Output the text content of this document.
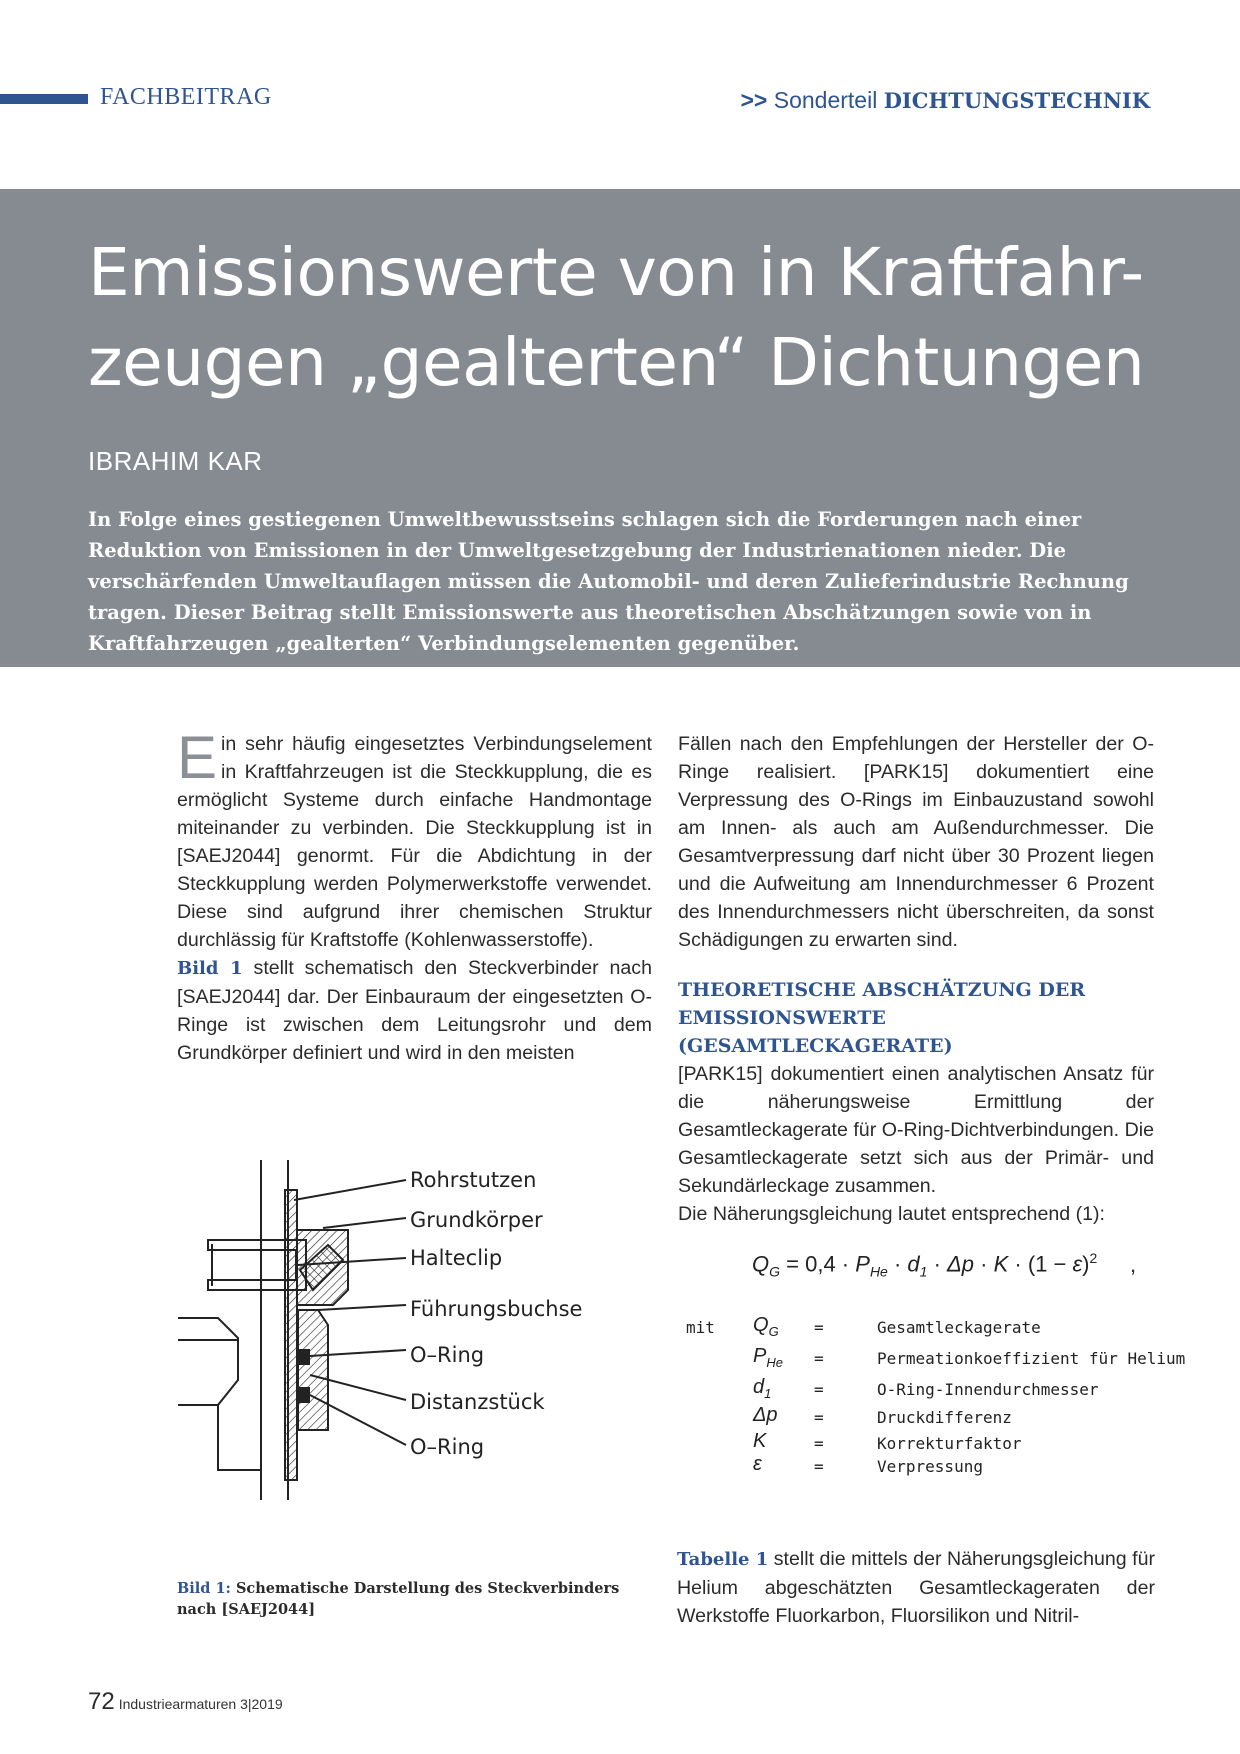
FACHBEITRAG	>> Sonderteil DICHTUNGSTECHNIK
Emissionswerte von in Kraftfahr-
zeugen „gealterten“ Dichtungen
IBRAHIM KAR
In Folge eines gestiegenen Umweltbewusstseins schlagen sich die Forderungen nach einer Reduktion von Emissionen in der Umweltgesetzgebung der Industrienationen nieder. Die verschärfenden Umweltauflagen müssen die Automobil- und deren Zulieferindustrie Rechnung tragen. Dieser Beitrag stellt Emissionswerte aus theoretischen Abschätzungen sowie von in Kraftfahrzeugen „gealterten“ Verbindungselementen gegenüber.

Ein sehr häufig eingesetztes Verbindungselement in Kraftfahrzeugen ist die Steckkupplung, die es ermöglicht Systeme durch einfache Handmontage miteinander zu verbinden. Die Steckkupplung ist in [SAEJ2044] genormt. Für die Abdichtung in der Steckkupplung werden Polymerwerkstoffe verwendet. Diese sind aufgrund ihrer chemischen Struktur durchlässig für Kraftstoffe (Kohlenwasserstoffe).

Bild 1 stellt schematisch den Steckverbinder nach [SAEJ2044] dar. Der Einbauraum der eingesetzten O-Ringe ist zwischen dem Leitungsrohr und dem Grundkörper definiert und wird in den meisten

Fällen nach den Empfehlungen der Hersteller der O-Ringe realisiert. [PARK15] dokumentiert eine Verpressung des O-Rings im Einbauzustand sowohl am Innen- als auch am Außendurchmesser. Die Gesamtverpressung darf nicht über 30 Prozent liegen und die Aufweitung am Innendurchmesser 6 Prozent des Innendurchmessers nicht überschreiten, da sonst Schädigungen zu erwarten sind.

THEORETISCHE ABSCHÄTZUNG DER EMISSIONSWERTE (GESAMTLECKAGERATE)

[PARK15] dokumentiert einen analytischen Ansatz für die näherungsweise Ermittlung der Gesamtleckagerate für O-Ring-Dichtverbindungen. Die Gesamtleckagerate setzt sich aus der Primär- und Sekundärleckage zusammen.

Die Näherungsgleichung lautet entsprechend (1):

Rohrstutzen
Grundkörper
Halteclip
Führungsbuchse
O–Ring
Distanzstück
O–Ring
Bild 1: Schematische Darstellung des Steckverbinders nach [SAEJ2044]
$Q_G = 0,4 \cdot P_{He} \cdot d_1 \cdot \Delta p \cdot K \cdot (1 - \varepsilon)^2$ ,
mit	$Q_G$ =	Gesamtleckagerate
$P_{He}$ =	Permeationkoeffizient für Helium
$d_1$	=	O-Ring-Innendurchmesser
Δp =	Druckdifferenz
K	=	Korrekturfaktor
ε	=	Verpressung

Tabelle 1 stellt die mittels der Näherungsgleichung für Helium abgeschätzten Gesamtleckageraten der Werkstoffe Fluorkarbon, Fluorsilikon und Nitril-

72 Industriearmaturen 3|2019
